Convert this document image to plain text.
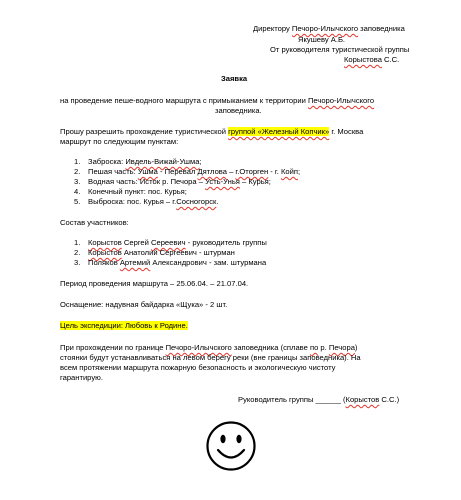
Директору Печоро-Илычского заповедника
Якушеву А.Б.
От руководителя туристической группы
Корыстова С.С.
Заявка
на проведение пеше-водного маршрута с примыканием к территории Печоро-Илычского
заповедника.
Прошу разрешить прохождение туристической группой «Железный Копчик» г. Москва
маршрут по следующим пунктам:
1. Заброска: Ивдель-Вижай-Ушма;
2. Пешая часть: Ушма - Перевал Дятлова – г.Оторген - г. Койп;
3. Водная часть: Исток р. Печора – Усть-Унья – Курья;
4. Конечный пункт: пос. Курья;
5. Выброска: пос. Курья – г.Сосногорск.
Состав участников:
1. Корыстов Сергей Сереевич - руководитель группы
2. Корыстов Анатолий Сергеевич - штурман
3. Поляков Артемий Александрович - зам. штурмана
Период проведения маршрута – 25.06.04. – 21.07.04.
Оснащение: надувная байдарка «Щука» - 2 шт.
Цель экспедиции: Любовь к Родине.
При прохождении по границе Печоро-Илычского заповедника (сплаве по р. Печора)
стоянки будут устанавливаться на левом берегу реки (вне границы заповедника). На
всем протяжении маршрута пожарную безопасность и экологическую чистоту
гарантирую.
Руководитель группы ______ (Корыстов С.С.)
